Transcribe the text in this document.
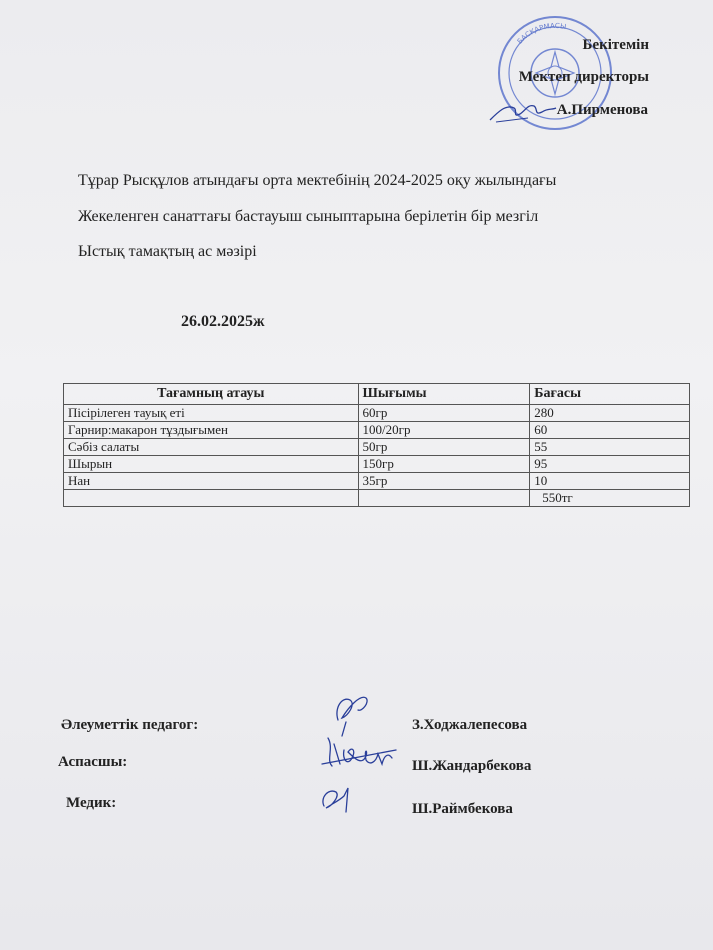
БАСҚАРМАСЫ
Бекітемін
Мектеп директоры
А.Пирменова
Тұрар Рысқұлов атындағы орта мектебінің 2024-2025 оқу жылындағы
Жекеленген санаттағы бастауыш сыныптарына берілетін бір мезгіл
Ыстық тамақтың ас мәзірі
26.02.2025ж
Тағамның атауы	Шығымы	Бағасы
Пісірілеген тауық еті	60гр	280
Гарнир:макарон тұздығымен	100/20гр	60
Сәбіз салаты	50гр	55
Шырын	150гр	95
Нан	35гр	10
		550тг
Әлеуметтік педагог:	З.Ходжалепесова
Аспасшы:	Ш.Жандарбекова
Медик:	Ш.Раймбекова
